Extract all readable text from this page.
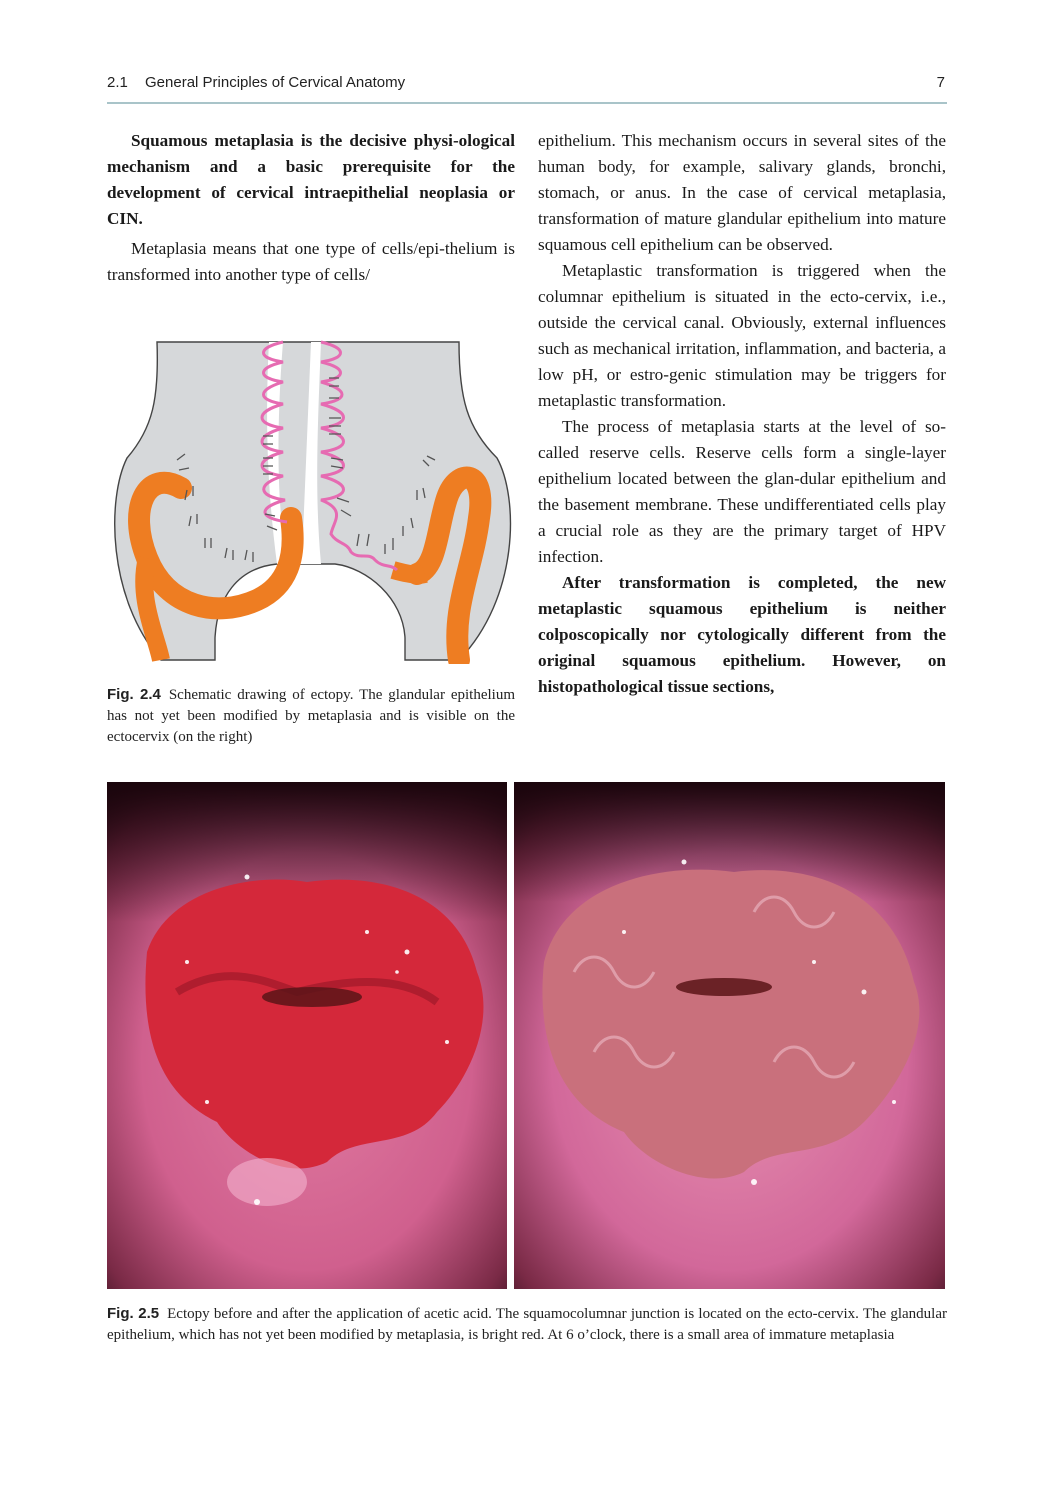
2.1 General Principles of Cervical Anatomy	7

Squamous metaplasia is the decisive physi-ological mechanism and a basic prerequisite for the development of cervical intraepithelial neoplasia or CIN.

Metaplasia means that one type of cells/epi-thelium is transformed into another type of cells/

Fig. 2.4 Schematic drawing of ectopy. The glandular epithelium has not yet been modified by metaplasia and is visible on the ectocervix (on the right)

epithelium. This mechanism occurs in several sites of the human body, for example, salivary glands, bronchi, stomach, or anus. In the case of cervical metaplasia, transformation of mature glandular epithelium into mature squamous cell epithelium can be observed.

Metaplastic transformation is triggered when the columnar epithelium is situated in the ecto-cervix, i.e., outside the cervical canal. Obviously, external influences such as mechanical irritation, inflammation, and bacteria, a low pH, or estro-genic stimulation may be triggers for metaplastic transformation.

The process of metaplasia starts at the level of so-called reserve cells. Reserve cells form a single-layer epithelium located between the glan-dular epithelium and the basement membrane. These undifferentiated cells play a crucial role as they are the primary target of HPV infection.

After transformation is completed, the new metaplastic squamous epithelium is neither colposcopically nor cytologically different from the original squamous epithelium. However, on histopathological tissue sections,

Fig. 2.5 Ectopy before and after the application of acetic acid. The squamocolumnar junction is located on the ecto-cervix. The glandular epithelium, which has not yet been modified by metaplasia, is bright red. At 6 o’clock, there is a small area of immature metaplasia
